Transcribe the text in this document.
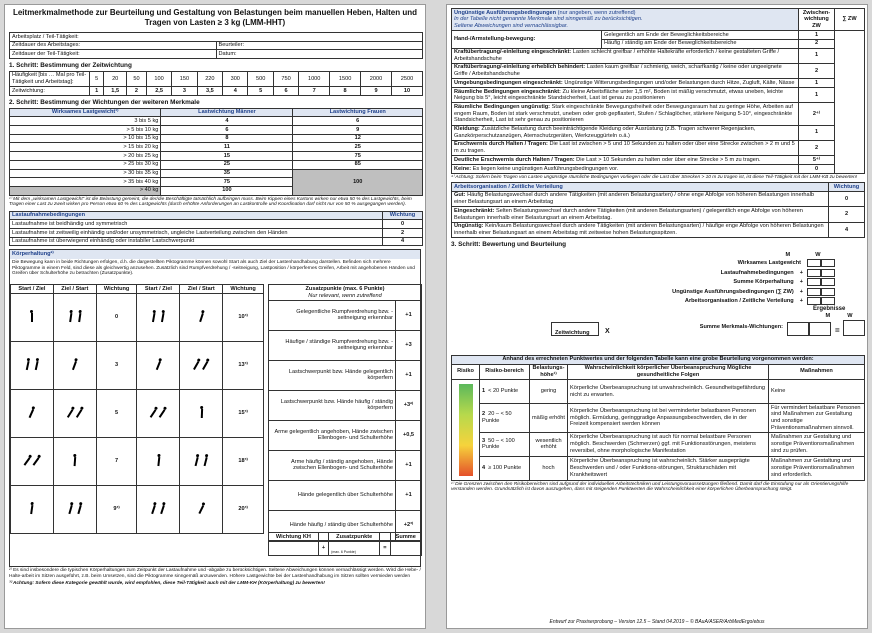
Leitmerkmalmethode zur Beurteilung und Gestaltung von Belastungen beim manuellen Heben, Halten und Tragen von Lasten ≥ 3 kg (LMM-HHT)
Arbeitsplatz / Teil-Tätigkeit:	
Zeitdauer des Arbeitstages:	Beurteiler:
Zeitdauer der Teil-Tätigkeit:	Datum:
1. Schritt: Bestimmung der Zeitwichtung
Häufigkeit [bis … Mal pro Teil-Tätigkeit und Arbeitstag]:	5	20	50	100	150	220	300	500	750	1000	1500	2000	2500
Zeitwichtung:	1	1,5	2	2,5	3	3,5	4	5	6	7	8	9	10
2. Schritt: Bestimmung der Wichtungen der weiteren Merkmale
Wirksames Lastgewicht¹⁾	Lastwichtung Männer	Lastwichtung Frauen
3 bis 5 kg	4	6
> 5 bis 10 kg	6	9
> 10 bis 15 kg	8	12
> 15 bis 20 kg	11	25
> 20 bis 25 kg	15	75
> 25 bis 30 kg	25	85
> 30 bis 35 kg	35	100
> 35 bis 40 kg	75	
> 40 kg	100	
¹⁾ Mit dem „wirksamen Lastgewicht“ ist die Belastung gemeint, die der/die Beschäftigte tatsächlich aufbringen muss. Beim Kippen eines Kartons wirken nur etwa 50 % des Lastgewichts, beim Tragen einer Last zu zweit wirken pro Person etwa 60 % des Lastgewichts (durch erhöhte Anforderungen an Lastkontrolle und Koordination darf nicht nur von 50 % ausgegangen werden).
Lastaufnahmebedingungen	Wichtung
Lastaufnahme ist beidhändig und symmetrisch	0
Lastaufnahme ist zeitweilig einhändig und/oder unsymmetrisch, ungleiche Lastverteilung zwischen den Händen	2
Lastaufnahme ist überwiegend einhändig oder instabiler Lastschwerpunkt	4
Körperhaltung²⁾
Die Bewegung kann in beide Richtungen erfolgen, d.h. die dargestellten Piktogramme können sowohl Start als auch Ziel der Lastenhandhabung darstellen. Befinden sich mehrere Piktogramme in einem Feld, sind diese als gleichwertig anzusehen. Zusätzlich sind Rumpfverdrehung / -seitneigung, Lastposition / körperfernes Greifen, Arbeit mit angehobenen Händen und Greifen über Schulterhöhe zu betrachten (Zusatzpunkte).
Start / Ziel	Ziel / Start	Wichtung	Start / Ziel	Ziel / Start	Wichtung
		0			10³⁾
		3			13³⁾
		5			15³⁾
		7			18³⁾
		9³⁾			20³⁾
Zusatzpunkte (max. 6 Punkte)
Nur relevant, wenn zutreffend	

Gelegentliche Rumpfverdrehung bzw. -seitneigung erkennbar	+1
Häufige / ständige Rumpfverdrehung bzw. -seitneigung erkennbar	+3
Lastschwerpunkt bzw. Hände gelegentlich körperfern	+1
Lastschwerpunkt bzw. Hände häufig / ständig körperfern	+3²⁾
Arme gelegentlich angehoben, Hände zwischen Ellenbogen- und Schulterhöhe	+0,5
Arme häufig / ständig angehoben, Hände zwischen Ellenbogen- und Schulterhöhe	+1
Hände gelegentlich über Schulterhöhe	+1
Hände häufig / ständig über Schulterhöhe	+2³⁾
Wichtung KH		Zusatzpunkte		Summe
	+	(max. 6 Punkte)	=	
²⁾ Es sind insbesondere die typischen Körperhaltungen zum Zeitpunkt der Lastaufnahme und -abgabe zu berücksichtigen. Seltene Abweichungen können vernachlässigt werden. Wird die Hebe- / Halte-arbeit im Sitzen ausgeführt, z.B. beim Umsetzen, sind die Piktogramme sinngemäß anzuwenden. Höhere Lastgewichte bei der Lastenhandhabung im Sitzen sollten vermieden werden
³⁾ Achtung: Sofern diese Kategorie gewählt wurde, wird empfohlen, diese Teil-Tätigkeit auch mit der LMM-KH (Körperhaltung) zu bewerten!
Ungünstige Ausführungsbedingungen (nur angeben, wenn zutreffend)
In der Tabelle nicht genannte Merkmale sind sinngemäß zu berücksichtigen.
Seltene Abweichungen sind vernachlässigbar.		Zwischen-wichtung ZW	∑ ZW
Hand-/Armstellung-bewegung:	Gelegentlich am Ende der Beweglichkeitsbereiche	1	
	Häufig / ständig am Ende der Beweglichkeitsbereiche	2	
Kraftübertragung/-einleitung eingeschränkt: Lasten schlecht greifbar / erhöhte Haltekräfte erforderlich / keine gestalteten Griffe / Arbeitshandschuhe		1	
Kraftübertragung/-einleitung erheblich behindert: Lasten kaum greifbar / schmierig, weich, scharfkantig / keine oder ungeeignete Griffe / Arbeitshandschuhe		2	
Umgebungsbedingungen eingeschränkt: Ungünstige Witterungsbedingungen und/oder Belastungen durch Hitze, Zugluft, Kälte, Nässe		1	
Räumliche Bedingungen eingeschränkt: Zu kleine Arbeitsfläche unter 1,5 m², Boden ist mäßig verschmutzt, etwas uneben, leichte Neigung bis 5°, leicht eingeschränkte Standsicherheit, Last ist genau zu positionieren		1	
Räumliche Bedingungen ungünstig: Stark eingeschränkte Bewegungsfreiheit oder Bewegungsraum hat zu geringe Höhe, Arbeiten auf engem Raum, Boden ist stark verschmutzt, uneben oder grob gepflastert, Stufen / Schlaglöcher, stärkere Neigung 5-10°, eingeschränkte Standsicherheit, Last ist sehr genau zu positionieren		2⁴⁾	
Kleidung: Zusätzliche Belastung durch beeinträchtigende Kleidung oder Ausrüstung (z.B. Tragen schwerer Regenjacken, Ganzkörperschutzanzügen, Atemschutzgeräten, Werkzeuggürteln o.ä.)		1	
Erschwernis durch Halten / Tragen: Die Last ist zwischen > 5 und 10 Sekunden zu halten oder über eine Strecke zwischen > 2 m und 5 m zu tragen.		2	
Deutliche Erschwernis durch Halten / Tragen: Die Last > 10 Sekunden zu halten oder über eine Strecke > 5 m zu tragen.		5⁴⁾	
Keine: Es liegen keine ungünstigen Ausführungsbedingungen vor.		0	
⁴⁾ Achtung: Sofern beim Tragen von Lasten ungünstige räumliche Bedingungen vorliegen oder die Last über Strecken > 10 m zu tragen ist, ist diese Teil-Tätigkeit mit der LMM-KB zu bewerten!
Arbeitsorganisation / Zeitliche Verteilung	Wichtung
Gut: Häufig Belastungswechsel durch andere Tätigkeiten (mit anderen Belastungsarten) / ohne enge Abfolge von höheren Belastungen innerhalb einer Belastungsart an einem Arbeitstag	0
Eingeschränkt: Selten Belastungswechsel durch andere Tätigkeiten (mit anderen Belastungsarten) / gelegentlich enge Abfolge von höheren Belastungen innerhalb einer Belastungsart an einem Arbeitstag.	2
Ungünstig: Kein/kaum Belastungswechsel durch andere Tätigkeiten (mit anderen Belastungsarten) / häufige enge Abfolge von höheren Belastungen innerhalb einer Belastungsart an einem Arbeitstag mit zeitweise hohen Belastungsspitzen.	4
3. Schritt: Bewertung und Beurteilung
M	W
Wirksames Lastgewicht
Lastaufnahmebedingungen +
Summe Körperhaltung +
Ungünstige Ausführungsbedingungen (∑ ZW) +
Arbeitsorganisation / Zeitliche Verteilung +
Ergebnisse
M	W
Zeitwichtung X
Summe Merkmals-Wichtungen:	=
Anhand des errechneten Punktwertes und der folgenden Tabelle kann eine grobe Beurteilung vorgenommen werden:				
Risiko	Risiko-bereich	Belastungs-höhe¹⁾	Wahrscheinlichkeit körperlicher Überbeanspruchung Mögliche gesundheitliche Folgen	Maßnahmen

	1 < 20 Punkte	gering	Körperliche Überbeanspruchung ist unwahrscheinlich. Gesundheitsgefährdung nicht zu erwarten.	Keine
	2 20 – < 50 Punkte	mäßig erhöht	Körperliche Überbeanspruchung ist bei verminderter belastbaren Personen möglich. Ermüdung, geringgradige Anpassungsbeschwerden, die in der Freizeit kompensiert werden können	Für vermindert belastbare Personen sind Maßnahmen zur Gestaltung und sonstige Präventionsmaßnahmen sinnvoll.
	3 50 – < 100 Punkte	wesentlich erhöht	Körperliche Überbeanspruchung ist auch für normal belastbare Personen möglich. Beschwerden (Schmerzen) ggf. mit Funktionsstörungen, meistens reversibel, ohne morphologische Manifestation	Maßnahmen zur Gestaltung und sonstige Präventionsmaßnahmen sind zu prüfen.
	4 ≥ 100 Punkte	hoch	Körperliche Überbeanspruchung ist wahrscheinlich. Stärker ausgeprägte Beschwerden und / oder Funktions-störungen, Strukturschäden mit Krankheitswert	Maßnahmen zur Gestaltung und sonstige Präventionsmaßnahmen sind erforderlich.
¹⁾ Die Grenzen zwischen den Risikobereichen sind aufgrund der individuellen Arbeitstechniken und Leistungsvoraussetzungen fließend. Damit darf die Einstufung nur als Orientierungshilfe verstanden werden. Grundsätzlich ist davon auszugehen, dass mit steigenden Punktwerten die Wahrscheinlichkeit einer körperlichen Überbeanspruchung steigt.
Entwurf zur Praxiserprobung – Version 12.5 – Stand 04.2019 – © BAuA/ASER/ArbMedErgo/ebus
